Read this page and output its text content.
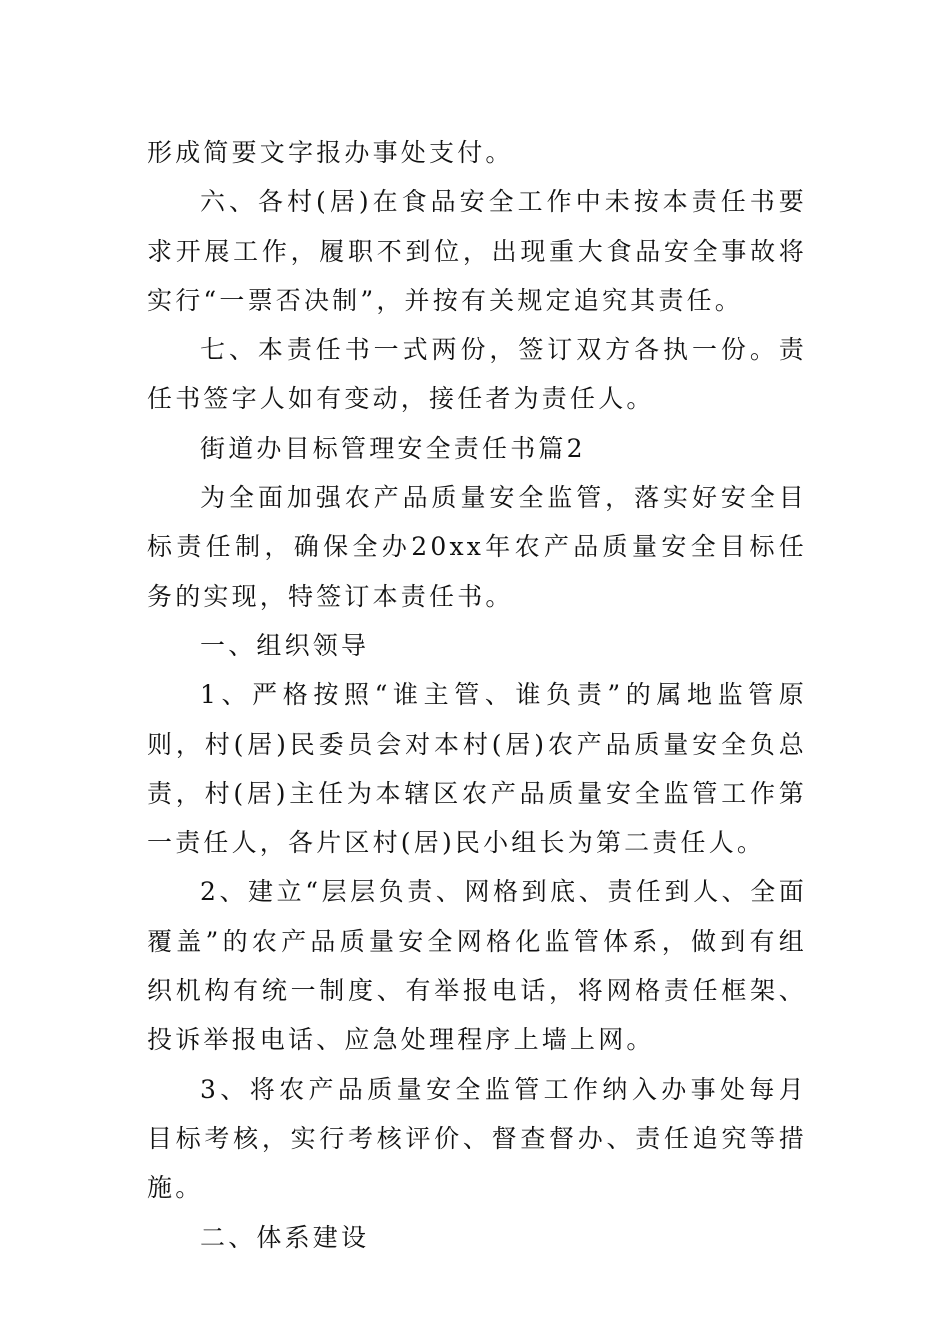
形成简要文字报办事处支付。

六、各村(居)在食品安全工作中未按本责任书要求开展工作，履职不到位，出现重大食品安全事故将实行“一票否决制”，并按有关规定追究其责任。

七、本责任书一式两份，签订双方各执一份。责任书签字人如有变动，接任者为责任人。

街道办目标管理安全责任书篇2

为全面加强农产品质量安全监管，落实好安全目标责任制，确保全办20xx年农产品质量安全目标任务的实现，特签订本责任书。

一、组织领导

1、严格按照“谁主管、谁负责”的属地监管原则，村(居)民委员会对本村(居)农产品质量安全负总责，村(居)主任为本辖区农产品质量安全监管工作第一责任人，各片区村(居)民小组长为第二责任人。

2、建立“层层负责、网格到底、责任到人、全面覆盖”的农产品质量安全网格化监管体系，做到有组织机构有统一制度、有举报电话，将网格责任框架、投诉举报电话、应急处理程序上墙上网。

3、将农产品质量安全监管工作纳入办事处每月目标考核，实行考核评价、督查督办、责任追究等措施。

二、体系建设
